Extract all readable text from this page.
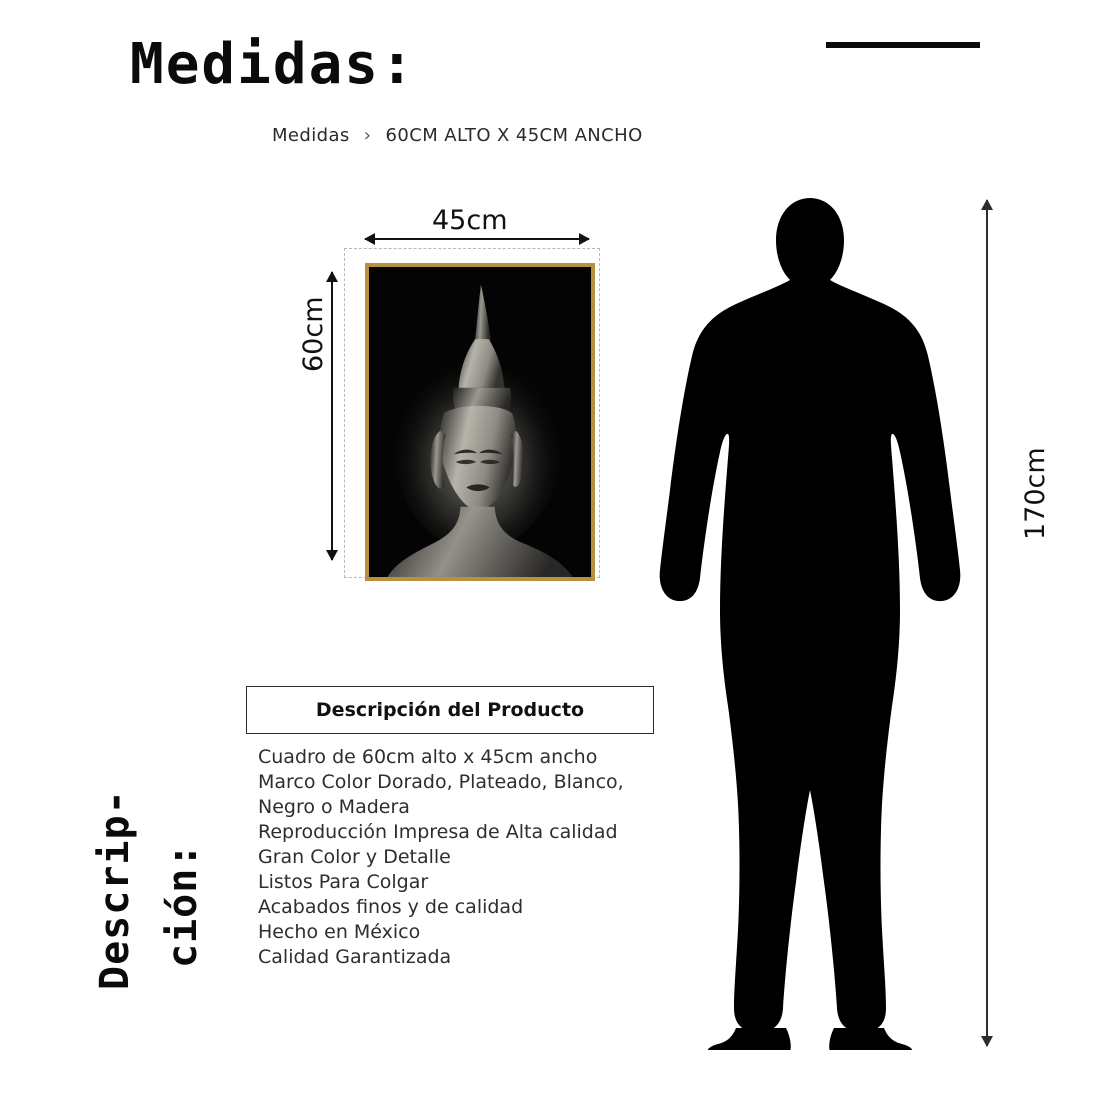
Medidas:
Medidas › 60CM ALTO X 45CM ANCHO
45cm
60cm
Descrip- ción:
Descripción del Producto
Cuadro de 60cm alto x 45cm ancho
Marco Color Dorado, Plateado, Blanco,
Negro o Madera
Reproducción Impresa de Alta calidad
Gran Color y Detalle
Listos Para Colgar
Acabados finos y de calidad
Hecho en México
Calidad Garantizada
170cm
